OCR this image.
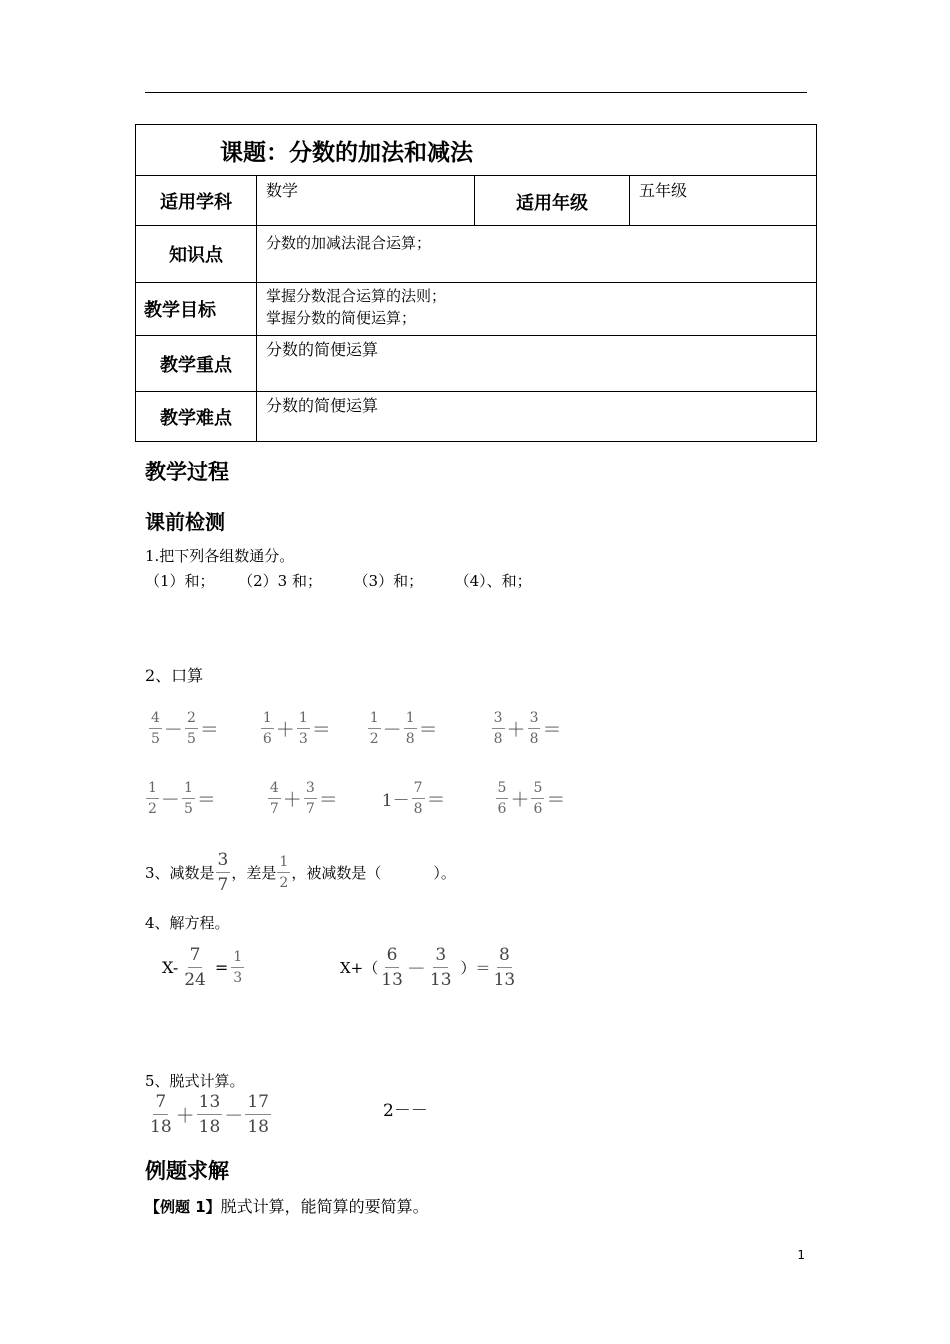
课题：分数的加法和减法			
适用学科	数学	适用年级	五年级
知识点	分数的加减法混合运算；		
教学目标	掌握分数混合运算的法则；
掌握分数的简便运算；		

教学重点	分数的简便运算		
教学难点	分数的简便运算		
教学过程
课前检测
1.把下列各组数通分。
（1）和； （2）3 和； （3）和； （4）、和；
2、口算
$\frac{4}{5} - \frac{2}{5}$ ＝	$\frac{1}{6} + \frac{1}{3}$ ＝	$\frac{1}{2} - \frac{1}{8}$ ＝	$\frac{3}{8} + \frac{3}{8}$ ＝
$\frac{1}{2} - \frac{1}{5}$ ＝	$\frac{4}{7} + \frac{3}{7}$ ＝	$1- \frac{7}{8}$ ＝	$\frac{5}{6} + \frac{5}{6}$ ＝
3、减数是 $\frac{3}{7}$ ，差是 $\frac{1}{2}$ ，被减数是（	）。
4、解方程。
$X- \frac{7}{24} = \frac{1}{3}$	$X+( \frac{6}{13} - \frac{3}{13}$ ）＝ $\frac{8}{13}$
5、脱式计算。
$\frac{7}{18} + \frac{13}{18} - \frac{17}{18}$	2－－
例题求解
【例题 1】脱式计算，能简算的要简算。
1
